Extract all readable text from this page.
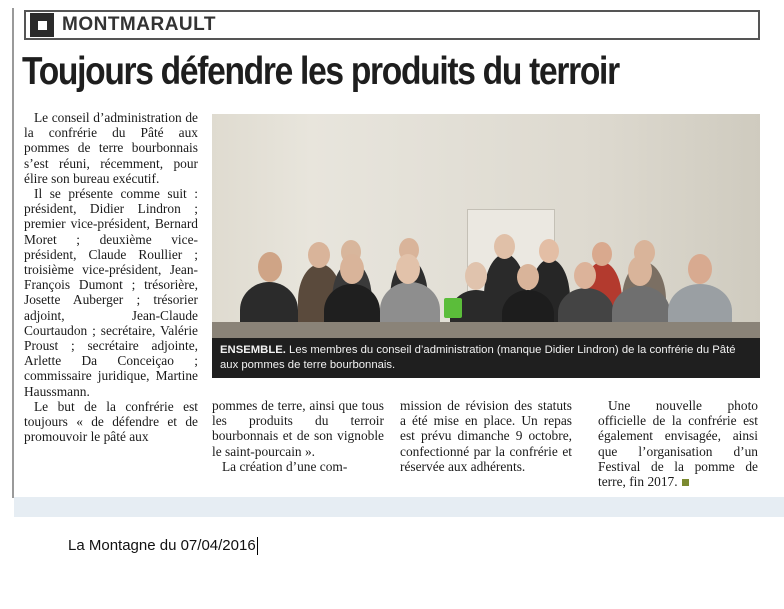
MONTMARAULT
Toujours défendre les produits du terroir

Le conseil d’administration de la confrérie du Pâté aux pommes de terre bourbonnais s’est réuni, récemment, pour élire son bureau exécutif.

Il se présente comme suit : président, Didier Lindron ; premier vice-président, Bernard Moret ; deuxième vice-président, Claude Roullier ; troisième vice-président, Jean-François Dumont ; trésorière, Josette Auberger ; trésorier adjoint, Jean-Claude Courtaudon ; secrétaire, Valérie Proust ; secrétaire adjointe, Arlette Da Conceiçao ; commissaire juridique, Martine Haussmann.

Le but de la confrérie est toujours « de défendre et de promouvoir le pâté aux

ENSEMBLE. Les membres du conseil d’administration (manque Didier Lindron) de la confrérie du Pâté aux pommes de terre bourbonnais.

pommes de terre, ainsi que tous les produits du terroir bourbonnais et de son vignoble le saint-pourcain ».

La création d’une com-

mission de révision des statuts a été mise en place. Un repas est prévu dimanche 9 octobre, confectionné par la confrérie et réservée aux adhérents.

Une nouvelle photo officielle de la confrérie est également envisagée, ainsi que l’organisation d’un Festival de la pomme de terre, fin 2017.

La Montagne du 07/04/2016
